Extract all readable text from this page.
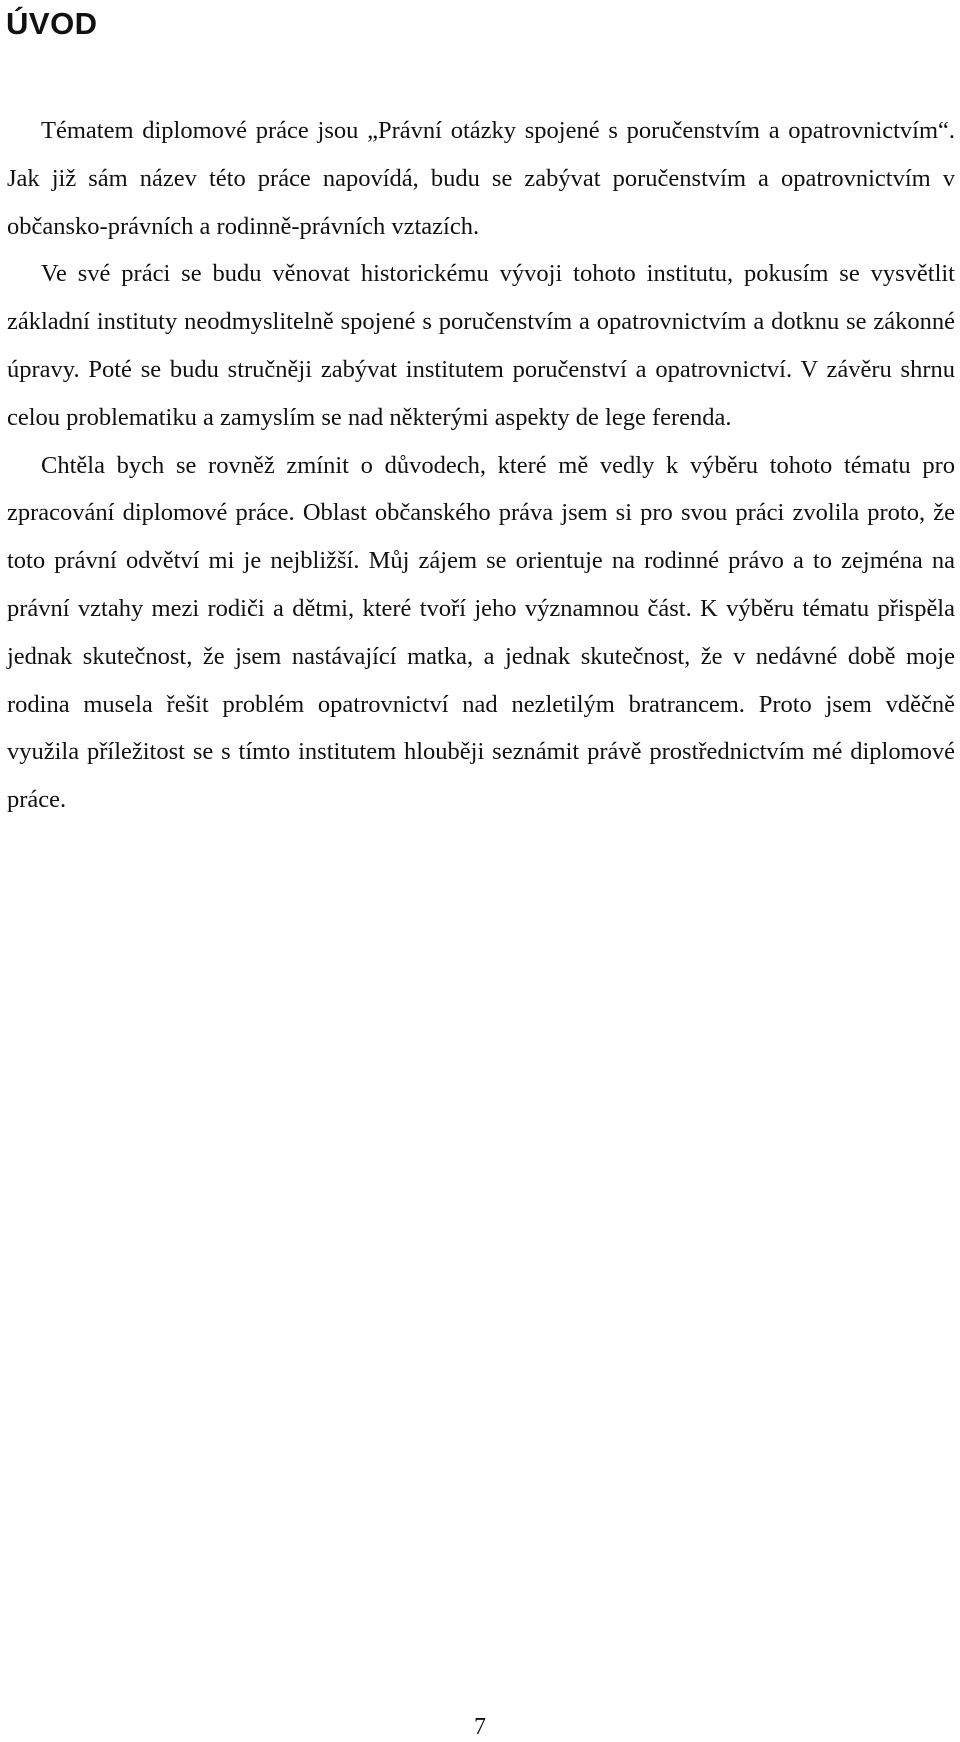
ÚVOD

Tématem diplomové práce jsou „Právní otázky spojené s poručenstvím a opatrovnictvím“. Jak již sám název této práce napovídá, budu se zabývat poručenstvím a opatrovnictvím v občansko-právních a rodinně-právních vztazích.

Ve své práci se budu věnovat historickému vývoji tohoto institutu, pokusím se vysvětlit základní instituty neodmyslitelně spojené s poručenstvím a opatrovnictvím a dotknu se zákonné úpravy. Poté se budu stručněji zabývat institutem poručenství a opatrovnictví. V závěru shrnu celou problematiku a zamyslím se nad některými aspekty de lege ferenda.

Chtěla bych se rovněž zmínit o důvodech, které mě vedly k výběru tohoto tématu pro zpracování diplomové práce. Oblast občanského práva jsem si pro svou práci zvolila proto, že toto právní odvětví mi je nejbližší. Můj zájem se orientuje na rodinné právo a to zejména na právní vztahy mezi rodiči a dětmi, které tvoří jeho významnou část. K výběru tématu přispěla jednak skutečnost, že jsem nastávající matka, a jednak skutečnost, že v nedávné době moje rodina musela řešit problém opatrovnictví nad nezletilým bratrancem. Proto jsem vděčně využila příležitost se s tímto institutem hlouběji seznámit právě prostřednictvím mé diplomové práce.

7
